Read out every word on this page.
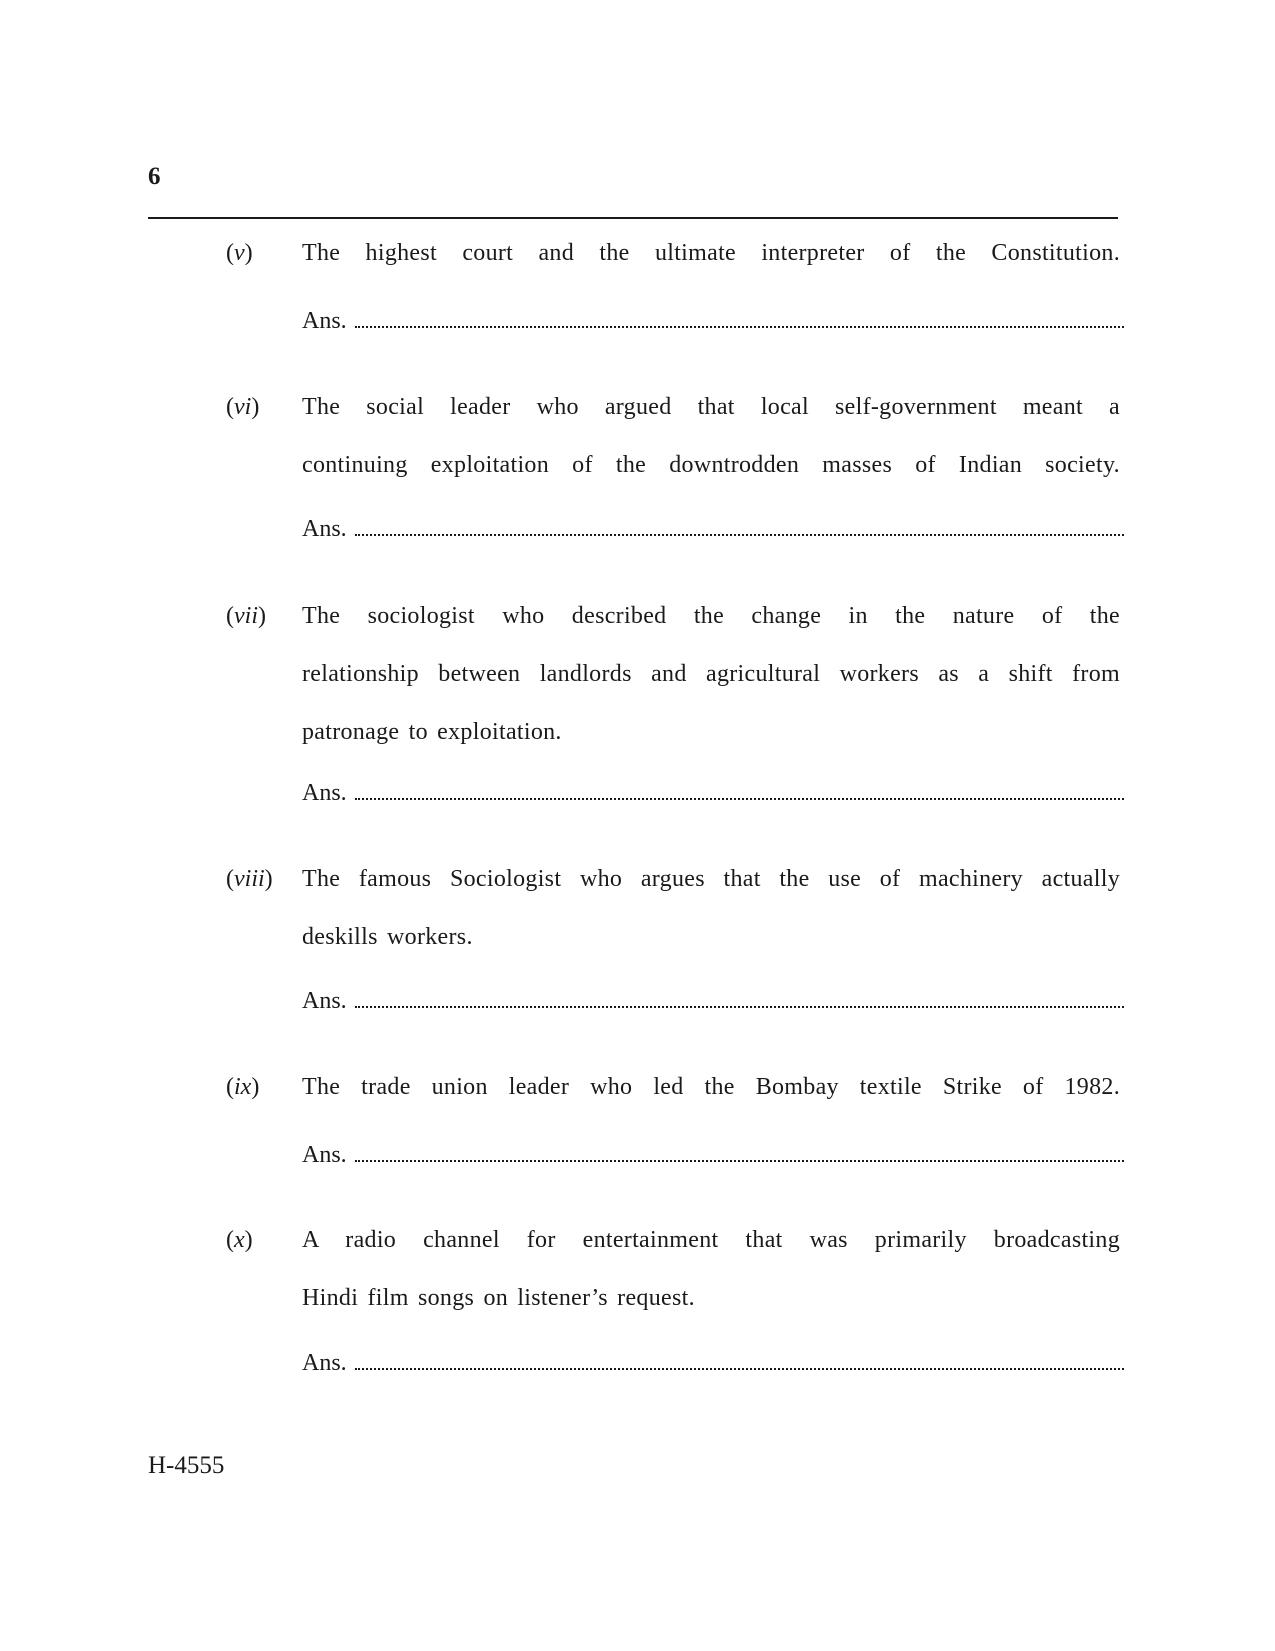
6
(v) The highest court and the ultimate interpreter of the Constitution.
Ans.
(vi) The social leader who argued that local self-government meant a
continuing exploitation of the downtrodden masses of Indian society.
Ans.
(vii) The sociologist who described the change in the nature of the
relationship between landlords and agricultural workers as a shift from
patronage to exploitation.
Ans.
(viii) The famous Sociologist who argues that the use of machinery actually
deskills workers.
Ans.
(ix) The trade union leader who led the Bombay textile Strike of 1982.
Ans.
(x) A radio channel for entertainment that was primarily broadcasting
Hindi film songs on listener’s request.
Ans.
H-4555
